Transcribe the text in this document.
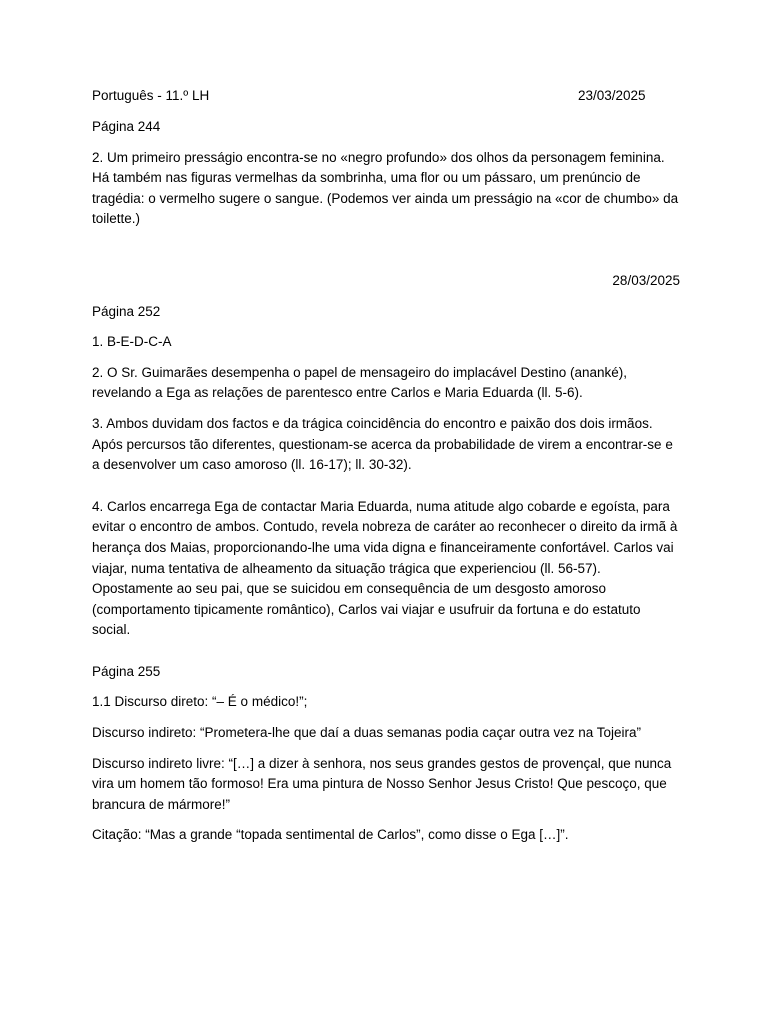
Português - 11.º LH	23/03/2025

Página 244

2. Um primeiro presságio encontra-se no «negro profundo» dos olhos da personagem feminina. Há também nas figuras vermelhas da sombrinha, uma flor ou um pássaro, um prenúncio de tragédia: o vermelho sugere o sangue. (Podemos ver ainda um presságio na «cor de chumbo» da toilette.)

28/03/2025

Página 252

1. B-E-D-C-A

2. O Sr. Guimarães desempenha o papel de mensageiro do implacável Destino (ananké), revelando a Ega as relações de parentesco entre Carlos e Maria Eduarda (ll. 5-6).

3. Ambos duvidam dos factos e da trágica coincidência do encontro e paixão dos dois irmãos. Após percursos tão diferentes, questionam-se acerca da probabilidade de virem a encontrar-se e a desenvolver um caso amoroso (ll. 16-17); ll. 30-32).

4. Carlos encarrega Ega de contactar Maria Eduarda, numa atitude algo cobarde e egoísta, para evitar o encontro de ambos. Contudo, revela nobreza de caráter ao reconhecer o direito da irmã à herança dos Maias, proporcionando-lhe uma vida digna e financeiramente confortável. Carlos vai viajar, numa tentativa de alheamento da situação trágica que experienciou (ll. 56-57). Opostamente ao seu pai, que se suicidou em consequência de um desgosto amoroso (comportamento tipicamente romântico), Carlos vai viajar e usufruir da fortuna e do estatuto social.

Página 255

1.1 Discurso direto: “– É o médico!”;

Discurso indireto: “Prometera-lhe que daí a duas semanas podia caçar outra vez na Tojeira”

Discurso indireto livre: “[…] a dizer à senhora, nos seus grandes gestos de provençal, que nunca vira um homem tão formoso! Era uma pintura de Nosso Senhor Jesus Cristo! Que pescoço, que brancura de mármore!”

Citação: “Mas a grande “topada sentimental de Carlos”, como disse o Ega […]”.
